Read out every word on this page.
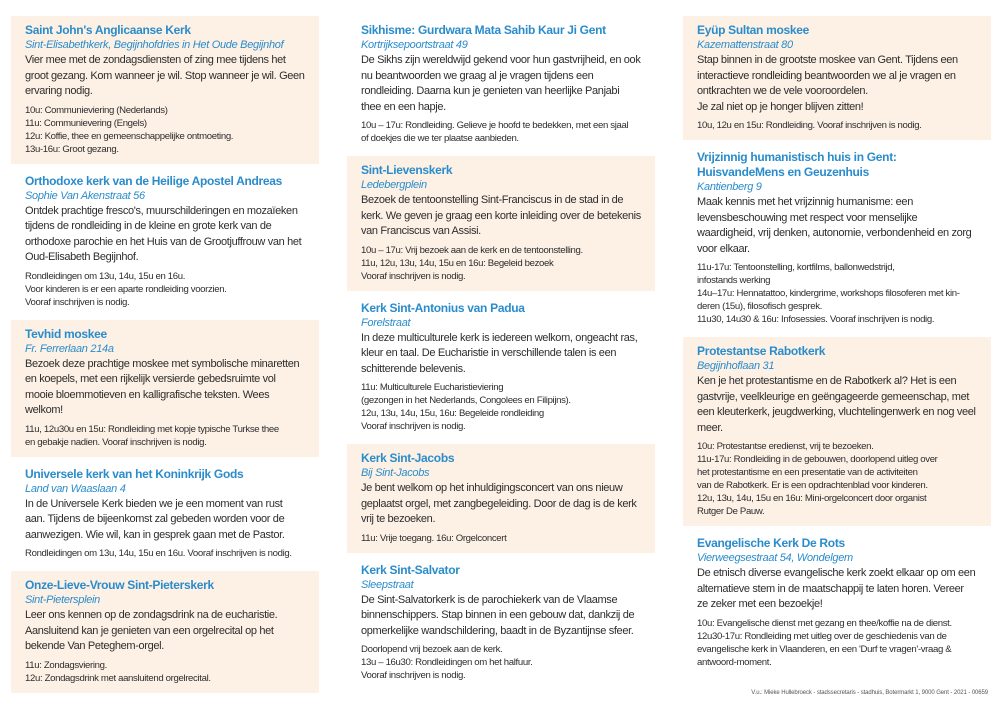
Saint John's Anglicaanse Kerk
Sint-Elisabethkerk, Begijnhofdries in Het Oude Begijnhof
Vier mee met de zondagsdiensten of zing mee tijdens het groot gezang. Kom wanneer je wil. Stop wanneer je wil. Geen ervaring nodig.
10u: Communieviering (Nederlands)
11u: Communievering (Engels)
12u: Koffie, thee en gemeenschappelijke ontmoeting.
13u-16u: Groot gezang.
Orthodoxe kerk van de Heilige Apostel Andreas
Sophie Van Akenstraat 56
Ontdek prachtige fresco's, muurschilderingen en mozaïeken tijdens de rondleiding in de kleine en grote kerk van de orthodoxe parochie en het Huis van de Grootjuffrouw van het Oud-Elisabeth Begijnhof.
Rondleidingen om 13u, 14u, 15u en 16u.
Voor kinderen is er een aparte rondleiding voorzien.
Vooraf inschrijven is nodig.
Tevhid moskee
Fr. Ferrerlaan 214a
Bezoek deze prachtige moskee met symbolische minaretten en koepels, met een rijkelijk versierde gebedsruimte vol mooie bloemmotieven en kalligrafische teksten. Wees welkom!
11u, 12u30u en 15u: Rondleiding met kopje typische Turkse thee
en gebakje nadien. Vooraf inschrijven is nodig.
Universele kerk van het Koninkrijk Gods
Land van Waaslaan 4
In de Universele Kerk bieden we je een moment van rust aan. Tijdens de bijeenkomst zal gebeden worden voor de aanwezigen. Wie wil, kan in gesprek gaan met de Pastor.
Rondleidingen om 13u, 14u, 15u en 16u. Vooraf inschrijven is nodig.
Onze-Lieve-Vrouw Sint-Pieterskerk
Sint-Pietersplein
Leer ons kennen op de zondagsdrink na de eucharistie. Aansluitend kan je genieten van een orgelrecital op het bekende Van Peteghem-orgel.
11u: Zondagsviering.
12u: Zondagsdrink met aansluitend orgelrecital.
Sikhisme: Gurdwara Mata Sahib Kaur Ji Gent
Kortrijksepoortstraat 49
De Sikhs zijn wereldwijd gekend voor hun gastvrijheid, en ook nu beantwoorden we graag al je vragen tijdens een rondleiding. Daarna kun je genieten van heerlijke Panjabi thee en een hapje.
10u – 17u: Rondleiding. Gelieve je hoofd te bedekken, met een sjaal
of doekjes die we ter plaatse aanbieden.
Sint-Lievenskerk
Ledebergplein
Bezoek de tentoonstelling Sint-Franciscus in de stad in de kerk. We geven je graag een korte inleiding over de betekenis van Franciscus van Assisi.
10u – 17u: Vrij bezoek aan de kerk en de tentoonstelling.
11u, 12u, 13u, 14u, 15u en 16u: Begeleid bezoek
Vooraf inschrijven is nodig.
Kerk Sint-Antonius van Padua
Forelstraat
In deze multiculturele kerk is iedereen welkom, ongeacht ras, kleur en taal. De Eucharistie in verschillende talen is een schitterende belevenis.
11u: Multiculturele Eucharistieviering
(gezongen in het Nederlands, Congolees en Filipijns).
12u, 13u, 14u, 15u, 16u: Begeleide rondleiding
Vooraf inschrijven is nodig.
Kerk Sint-Jacobs
Bij Sint-Jacobs
Je bent welkom op het inhuldigingsconcert van ons nieuw geplaatst orgel, met zangbegeleiding. Door de dag is de kerk vrij te bezoeken.
11u: Vrije toegang. 16u: Orgelconcert
Kerk Sint-Salvator
Sleepstraat
De Sint-Salvatorkerk is de parochiekerk van de Vlaamse binnenschippers. Stap binnen in een gebouw dat, dankzij de opmerkelijke wandschildering, baadt in de Byzantijnse sfeer.
Doorlopend vrij bezoek aan de kerk.
13u – 16u30: Rondleidingen om het halfuur.
Vooraf inschrijven is nodig.
Eyüp Sultan moskee
Kazemattenstraat 80
Stap binnen in de grootste moskee van Gent. Tijdens een interactieve rondleiding beantwoorden we al je vragen en ontkrachten we de vele vooroordelen.
Je zal niet op je honger blijven zitten!
10u, 12u en 15u: Rondleiding. Vooraf inschrijven is nodig.
Vrijzinnig humanistisch huis in Gent:
HuisvandeMens en Geuzenhuis
Kantienberg 9
Maak kennis met het vrijzinnig humanisme: een levensbeschouwing met respect voor menselijke waardigheid, vrij denken, autonomie, verbondenheid en zorg voor elkaar.
11u-17u: Tentoonstelling, kortfilms, ballonwedstrijd,
infostands werking
14u–17u: Hennatattoo, kindergrime, workshops filosoferen met kin-
deren (15u), filosofisch gesprek.
11u30, 14u30 & 16u: Infosessies. Vooraf inschrijven is nodig.
Protestantse Rabotkerk
Begijnhoflaan 31
Ken je het protestantisme en de Rabotkerk al? Het is een gastvrije, veelkleurige en geëngageerde gemeenschap, met een kleuterkerk, jeugdwerking, vluchtelingenwerk en nog veel meer.
10u: Protestantse eredienst, vrij te bezoeken.
11u-17u: Rondleiding in de gebouwen, doorlopend uitleg over
het protestantisme en een presentatie van de activiteiten
van de Rabotkerk. Er is een opdrachtenblad voor kinderen.
12u, 13u, 14u, 15u en 16u: Mini-orgelconcert door organist
Rutger De Pauw.
Evangelische Kerk De Rots
Vierweegsestraat 54, Wondelgem
De etnisch diverse evangelische kerk zoekt elkaar op om een alternatieve stem in de maatschappij te laten horen. Vereer ze zeker met een bezoekje!
10u: Evangelische dienst met gezang en thee/koffie na de dienst.
12u30-17u: Rondleiding met uitleg over de geschiedenis van de
evangelische kerk in Vlaanderen, en een 'Durf te vragen'-vraag &
antwoord-moment.
V.u.: Mieke Hullebroeck - stadssecretaris - stadhuis, Botermarkt 1, 9000 Gent - 2021 - 00659
